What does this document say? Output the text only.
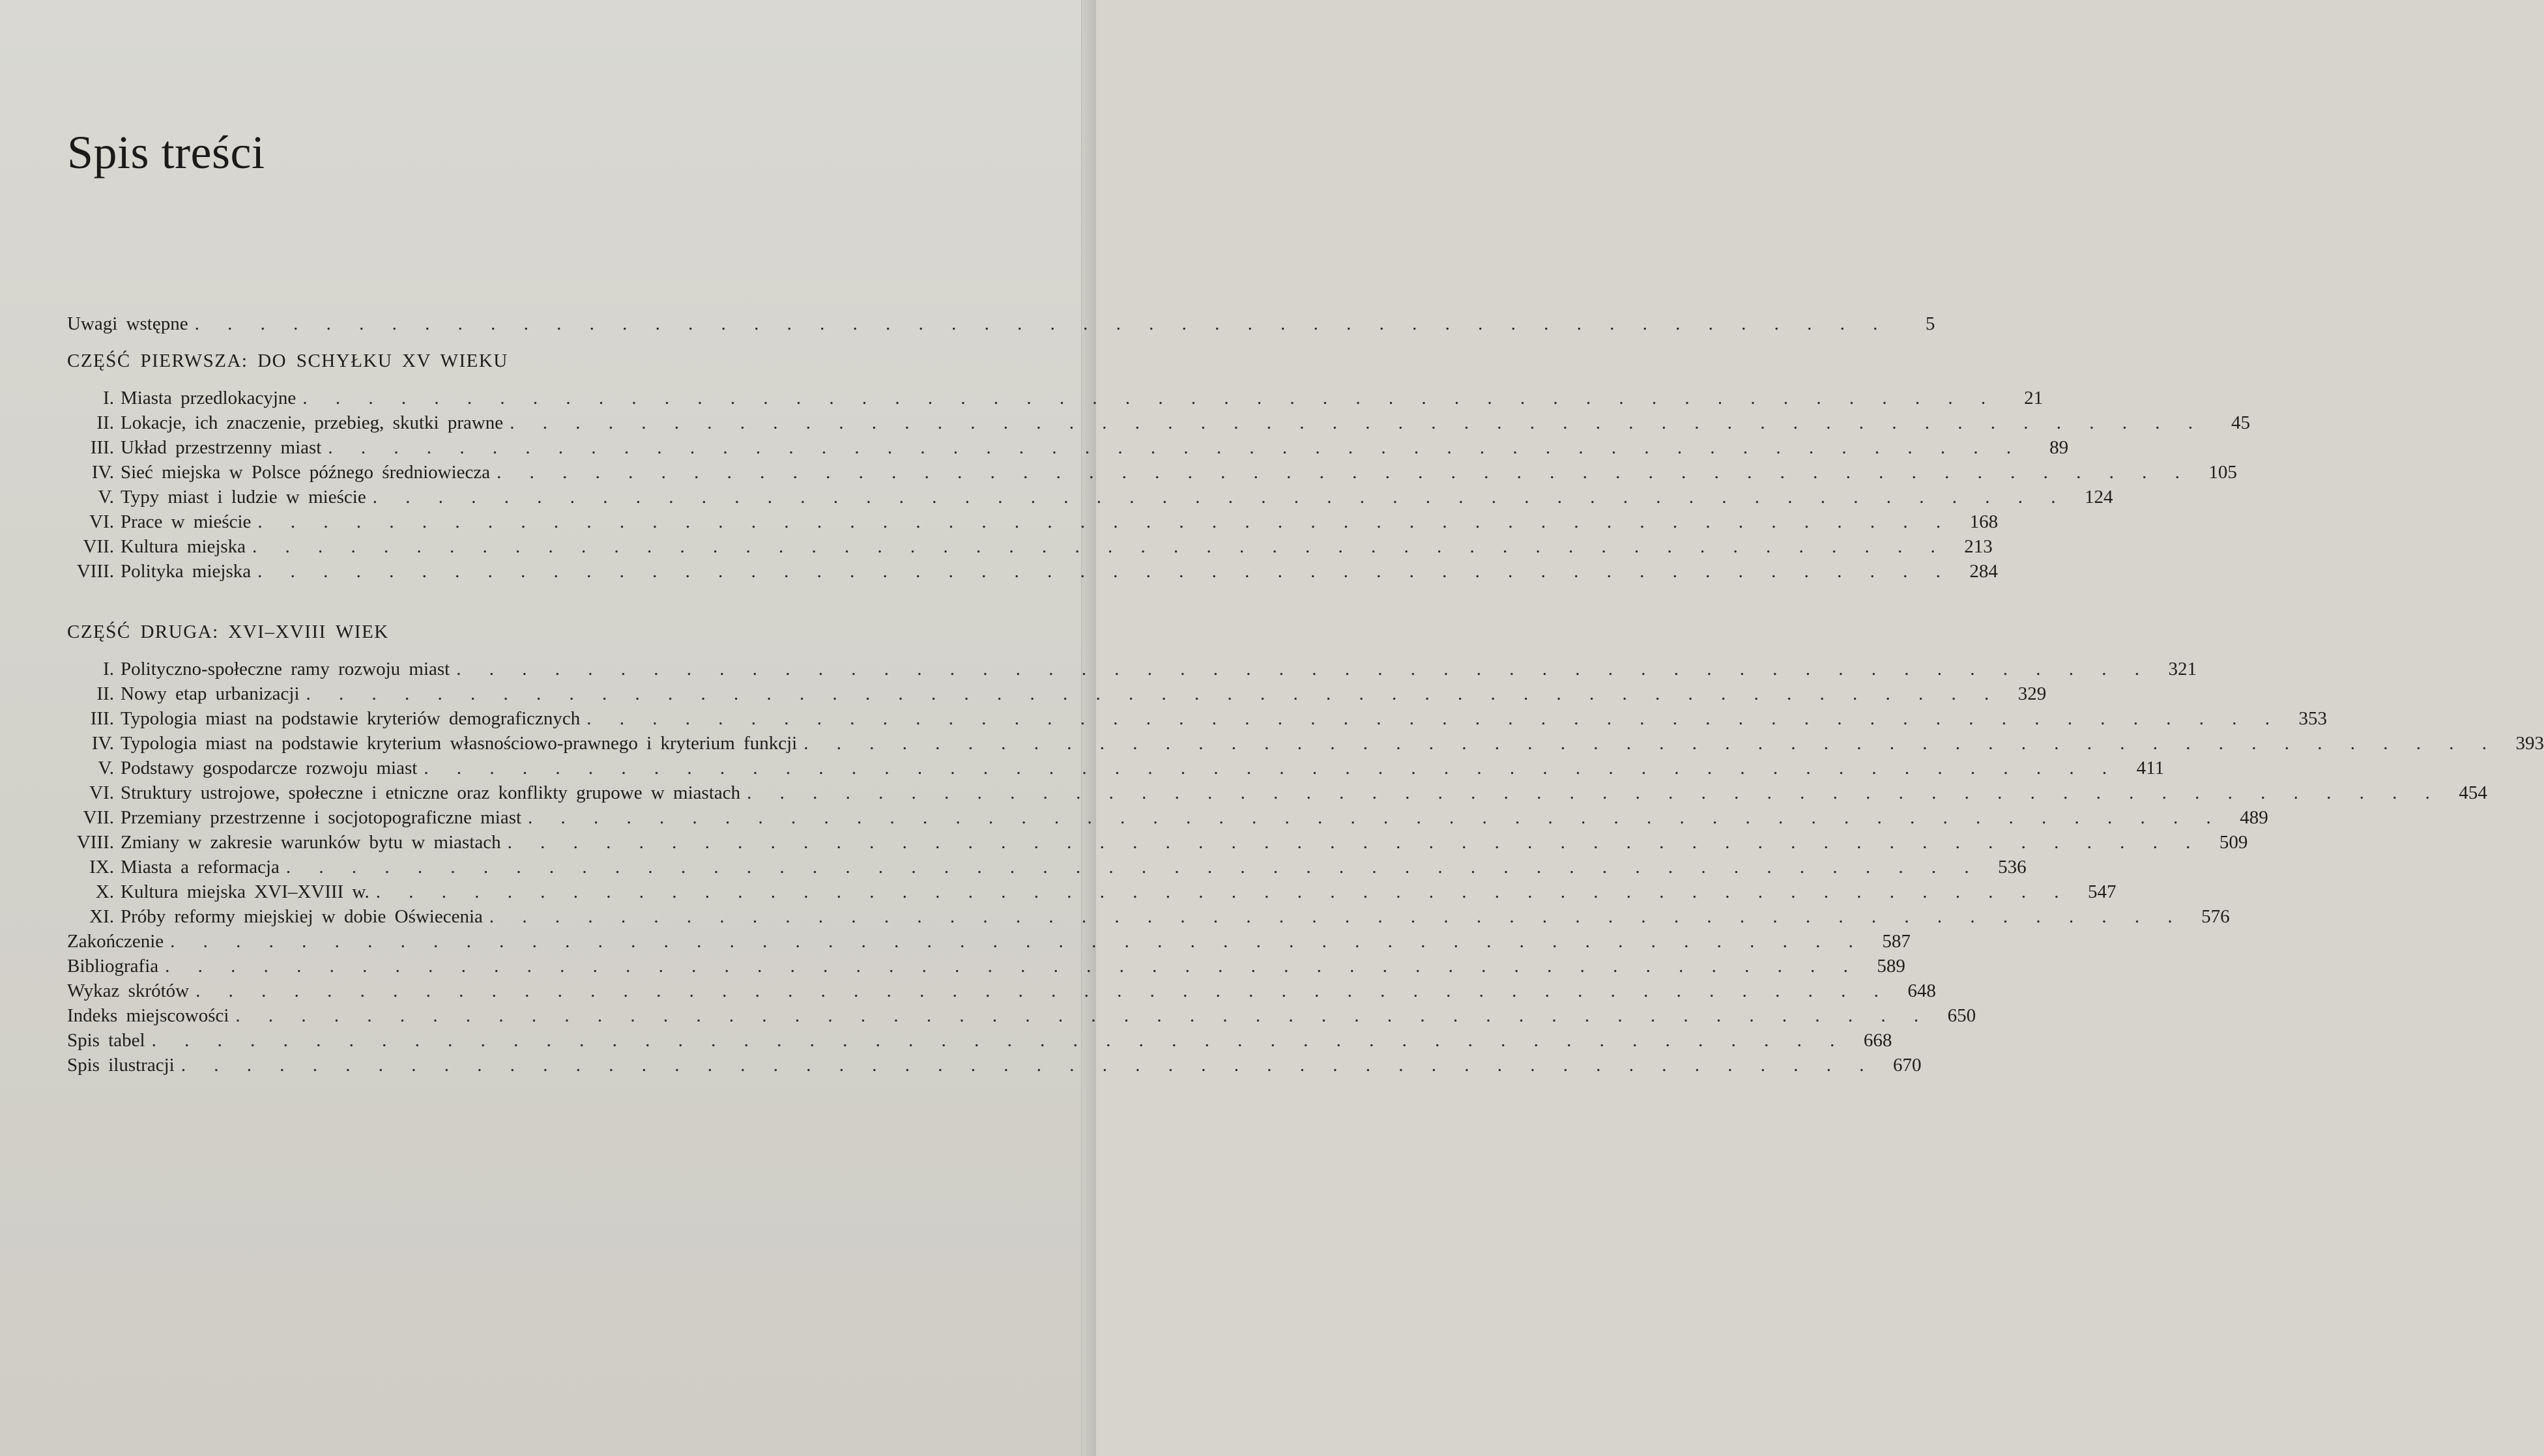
Spis treści
Uwagi wstępne . . . . . . . . . . . . . . . . . . . . . . . . . . . . . . . . . . . . . . . . . . . . . . . . . . . .	5
CZĘŚĆ PIERWSZA: DO SCHYŁKU XV WIEKU
I. Miasta przedlokacyjne . . . . . . . . . . . . . . . . . . . . . . . . . . . . . . . . . . . . . . . . . . . . . . . . . . . .	21
II. Lokacje, ich znaczenie, przebieg, skutki prawne . . . . . . . . . . . . . . . . . . . . . . . . . . . . . . . . . . . . . . . . . . . . . . . . . . . .	45
III. Układ przestrzenny miast . . . . . . . . . . . . . . . . . . . . . . . . . . . . . . . . . . . . . . . . . . . . . . . . . . . .	89
IV. Sieć miejska w Polsce późnego średniowiecza . . . . . . . . . . . . . . . . . . . . . . . . . . . . . . . . . . . . . . . . . . . . . . . . . . . . 105
V. Typy miast i ludzie w mieście . . . . . . . . . . . . . . . . . . . . . . . . . . . . . . . . . . . . . . . . . . . . . . . . . . . . 124
VI. Prace w mieście . . . . . . . . . . . . . . . . . . . . . . . . . . . . . . . . . . . . . . . . . . . . . . . . . . . . 168
VII. Kultura miejska . . . . . . . . . . . . . . . . . . . . . . . . . . . . . . . . . . . . . . . . . . . . . . . . . . . . 213
VIII. Polityka miejska . . . . . . . . . . . . . . . . . . . . . . . . . . . . . . . . . . . . . . . . . . . . . . . . . . . . 284
CZĘŚĆ DRUGA: XVI–XVIII WIEK
I. Polityczno-społeczne ramy rozwoju miast . . . . . . . . . . . . . . . . . . . . . . . . . . . . . . . . . . . . . . . . . . . . . . . . . . . . 321
II. Nowy etap urbanizacji . . . . . . . . . . . . . . . . . . . . . . . . . . . . . . . . . . . . . . . . . . . . . . . . . . . . 329
III. Typologia miast na podstawie kryteriów demograficznych . . . . . . . . . . . . . . . . . . . . . . . . . . . . . . . . . . . . . . . . . . . . . . . . . . . . 353
IV. Typologia miast na podstawie kryterium własnościowo-prawnego i kryterium funkcji . . . . . . . . . . . . . . . . . . . . . . . . . . . . . . . . . . . . . . . . . . . . . . . . . . . . 393
V. Podstawy gospodarcze rozwoju miast . . . . . . . . . . . . . . . . . . . . . . . . . . . . . . . . . . . . . . . . . . . . . . . . . . . . 411
VI. Struktury ustrojowe, społeczne i etniczne oraz konflikty grupowe w miastach . . . . . . . . . . . . . . . . . . . . . . . . . . . . . . . . . . . . . . . . . . . . . . . . . . . . 454
VII. Przemiany przestrzenne i socjotopograficzne miast . . . . . . . . . . . . . . . . . . . . . . . . . . . . . . . . . . . . . . . . . . . . . . . . . . . . 489
VIII. Zmiany w zakresie warunków bytu w miastach . . . . . . . . . . . . . . . . . . . . . . . . . . . . . . . . . . . . . . . . . . . . . . . . . . . . 509
IX. Miasta a reformacja . . . . . . . . . . . . . . . . . . . . . . . . . . . . . . . . . . . . . . . . . . . . . . . . . . . . 536
X. Kultura miejska XVI–XVIII w. . . . . . . . . . . . . . . . . . . . . . . . . . . . . . . . . . . . . . . . . . . . . . . . . . . . . 547
XI. Próby reformy miejskiej w dobie Oświecenia . . . . . . . . . . . . . . . . . . . . . . . . . . . . . . . . . . . . . . . . . . . . . . . . . . . . 576
Zakończenie . . . . . . . . . . . . . . . . . . . . . . . . . . . . . . . . . . . . . . . . . . . . . . . . . . . . 587
Bibliografia . . . . . . . . . . . . . . . . . . . . . . . . . . . . . . . . . . . . . . . . . . . . . . . . . . . . 589
Wykaz skrótów . . . . . . . . . . . . . . . . . . . . . . . . . . . . . . . . . . . . . . . . . . . . . . . . . . . . 648
Indeks miejscowości . . . . . . . . . . . . . . . . . . . . . . . . . . . . . . . . . . . . . . . . . . . . . . . . . . . . 650
Spis tabel . . . . . . . . . . . . . . . . . . . . . . . . . . . . . . . . . . . . . . . . . . . . . . . . . . . . 668
Spis ilustracji . . . . . . . . . . . . . . . . . . . . . . . . . . . . . . . . . . . . . . . . . . . . . . . . . . . . 670
